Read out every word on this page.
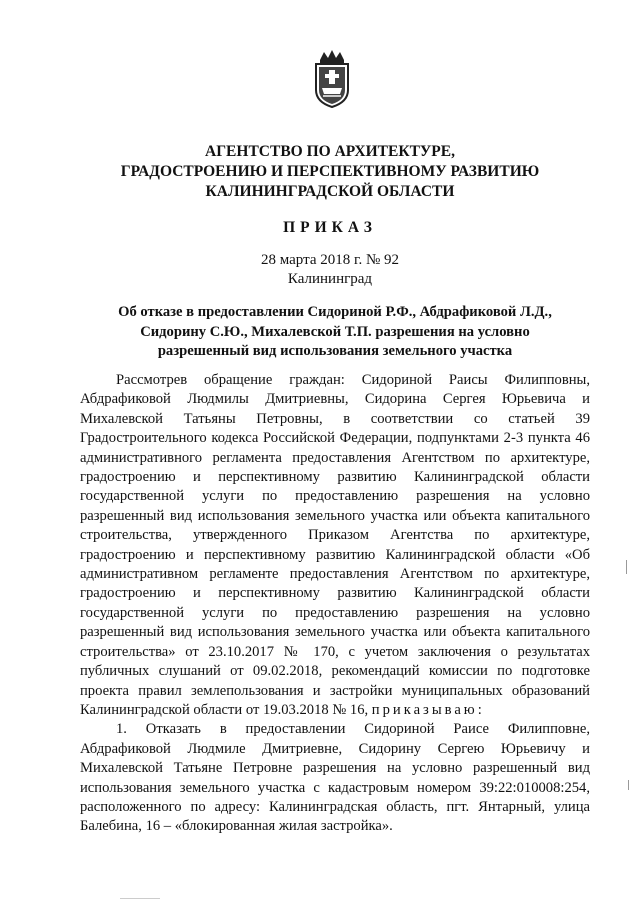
АГЕНТСТВО ПО АРХИТЕКТУРЕ,
ГРАДОСТРОЕНИЮ И ПЕРСПЕКТИВНОМУ РАЗВИТИЮ
КАЛИНИНГРАДСКОЙ ОБЛАСТИ
ПРИКАЗ
28 марта 2018 г. № 92
Калининград
Об отказе в предоставлении Сидориной Р.Ф., Абдрафиковой Л.Д.,
Сидорину С.Ю., Михалевской Т.П. разрешения на условно
разрешенный вид использования земельного участка

Рассмотрев обращение граждан: Сидориной Раисы Филипповны, Абдрафиковой Людмилы Дмитриевны, Сидорина Сергея Юрьевича и Михалевской Татьяны Петровны, в соответствии со статьей 39 Градостроительного кодекса Российской Федерации, подпунктами 2-3 пункта 46 административного регламента предоставления Агентством по архитектуре, градостроению и перспективному развитию Калининградской области государственной услуги по предоставлению разрешения на условно разрешенный вид использования земельного участка или объекта капитального строительства, утвержденного Приказом Агентства по архитектуре, градостроению и перспективному развитию Калининградской области «Об административном регламенте предоставления Агентством по архитектуре, градостроению и перспективному развитию Калининградской области государственной услуги по предоставлению разрешения на условно разрешенный вид использования земельного участка или объекта капитального строительства» от 23.10.2017 № 170, с учетом заключения о результатах публичных слушаний от 09.02.2018, рекомендаций комиссии по подготовке проекта правил землепользования и застройки муниципальных образований Калининградской области от 19.03.2018 № 16, приказываю:

1. Отказать в предоставлении Сидориной Раисе Филипповне, Абдрафиковой Людмиле Дмитриевне, Сидорину Сергею Юрьевичу и Михалевской Татьяне Петровне разрешения на условно разрешенный вид использования земельного участка с кадастровым номером 39:22:010008:254, расположенного по адресу: Калининградская область, пгт. Янтарный, улица Балебина, 16 – «блокированная жилая застройка».
